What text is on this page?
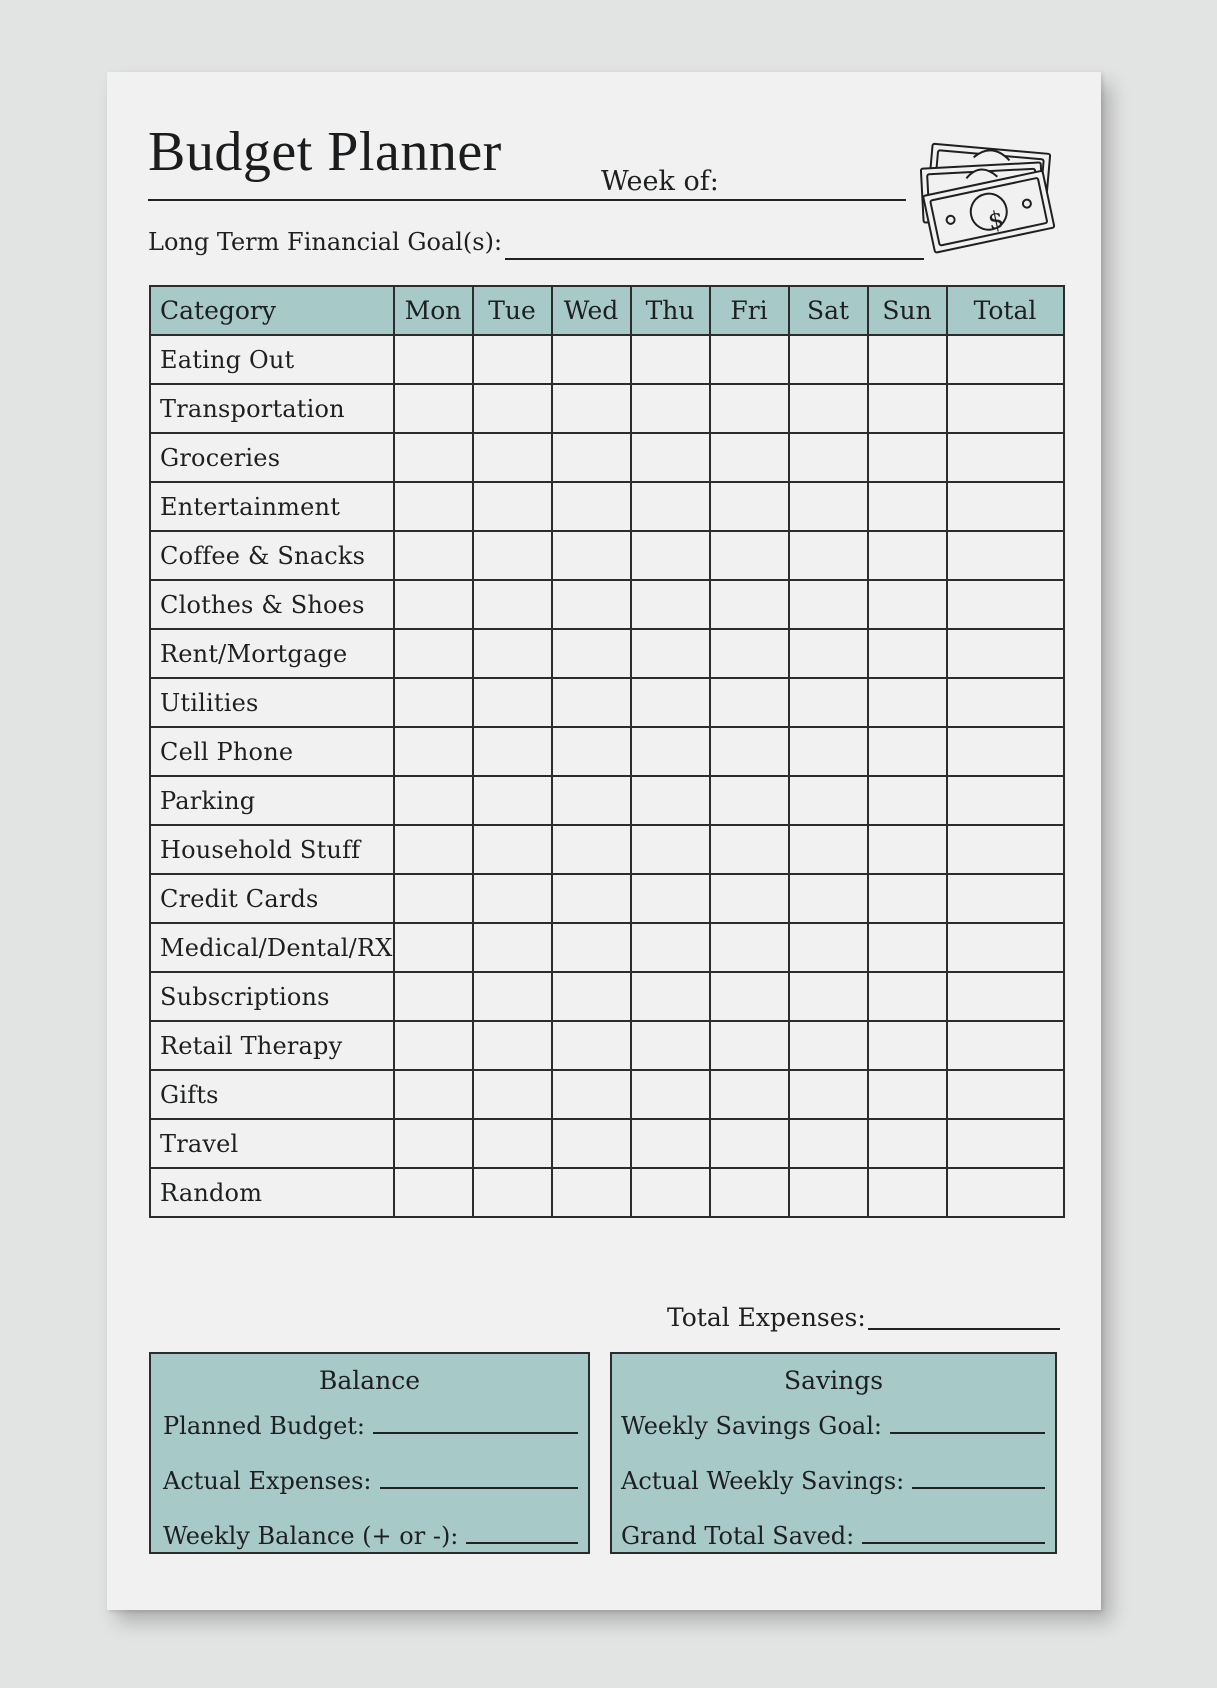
Budget Planner	Week of:
$
Long Term Financial Goal(s):
Category	Mon	Tue	Wed	Thu	Fri	Sat	Sun	Total
Eating Out								
Transportation								
Groceries								
Entertainment								
Coffee & Snacks								
Clothes & Shoes								
Rent/Mortgage								
Utilities								
Cell Phone								
Parking								
Household Stuff								
Credit Cards								
Medical/Dental/RX								
Subscriptions								
Retail Therapy								
Gifts								
Travel								
Random								
Total Expenses:
Balance
Planned Budget:
Actual Expenses:
Weekly Balance (+ or -):
Savings
Weekly Savings Goal:
Actual Weekly Savings:
Grand Total Saved:
